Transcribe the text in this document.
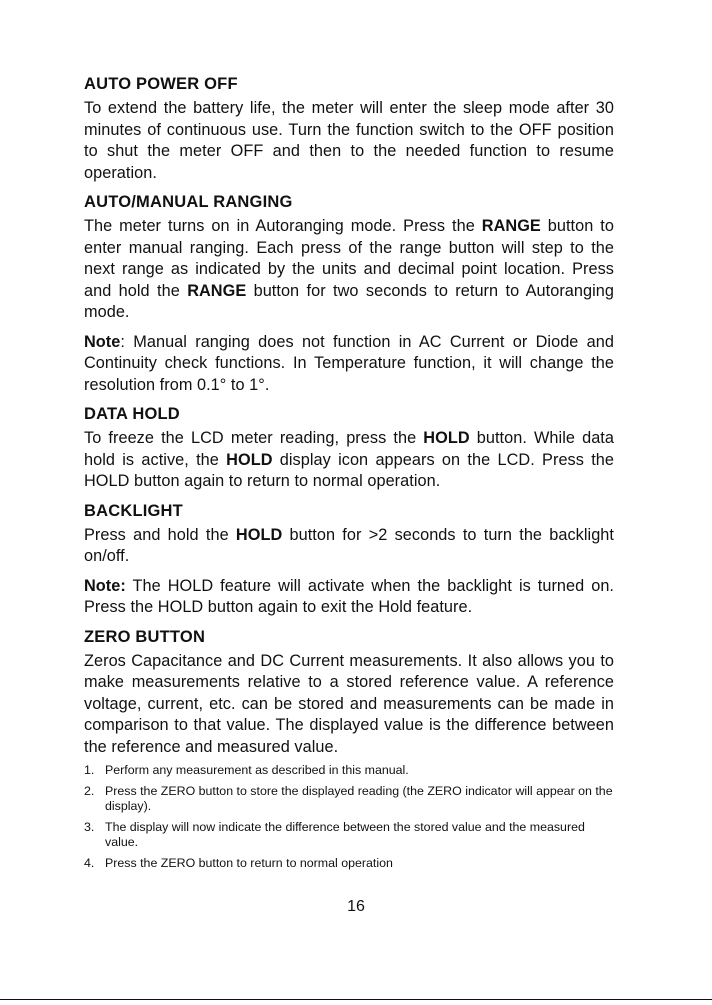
AUTO POWER OFF

To extend the battery life, the meter will enter the sleep mode after 30 minutes of continuous use. Turn the function switch to the OFF position to shut the meter OFF and then to the needed function to resume operation.

AUTO/MANUAL RANGING

The meter turns on in Autoranging mode. Press the RANGE button to enter manual ranging. Each press of the range button will step to the next range as indicated by the units and decimal point location. Press and hold the RANGE button for two seconds to return to Autoranging mode.

Note: Manual ranging does not function in AC Current or Diode and Continuity check functions. In Temperature function, it will change the resolution from 0.1° to 1°.

DATA HOLD

To freeze the LCD meter reading, press the HOLD button. While data hold is active, the HOLD display icon appears on the LCD. Press the HOLD button again to return to normal operation.

BACKLIGHT

Press and hold the HOLD button for >2 seconds to turn the backlight on/off.

Note: The HOLD feature will activate when the backlight is turned on. Press the HOLD button again to exit the Hold feature.

ZERO BUTTON

Zeros Capacitance and DC Current measurements. It also allows you to make measurements relative to a stored reference value. A reference voltage, current, etc. can be stored and measurements can be made in comparison to that value. The displayed value is the difference between the reference and measured value.

1. Perform any measurement as described in this manual.
2. Press the ZERO button to store the displayed reading (the ZERO indicator will appear on the display).
3. The display will now indicate the difference between the stored value and the measured value.
4. Press the ZERO button to return to normal operation
16
